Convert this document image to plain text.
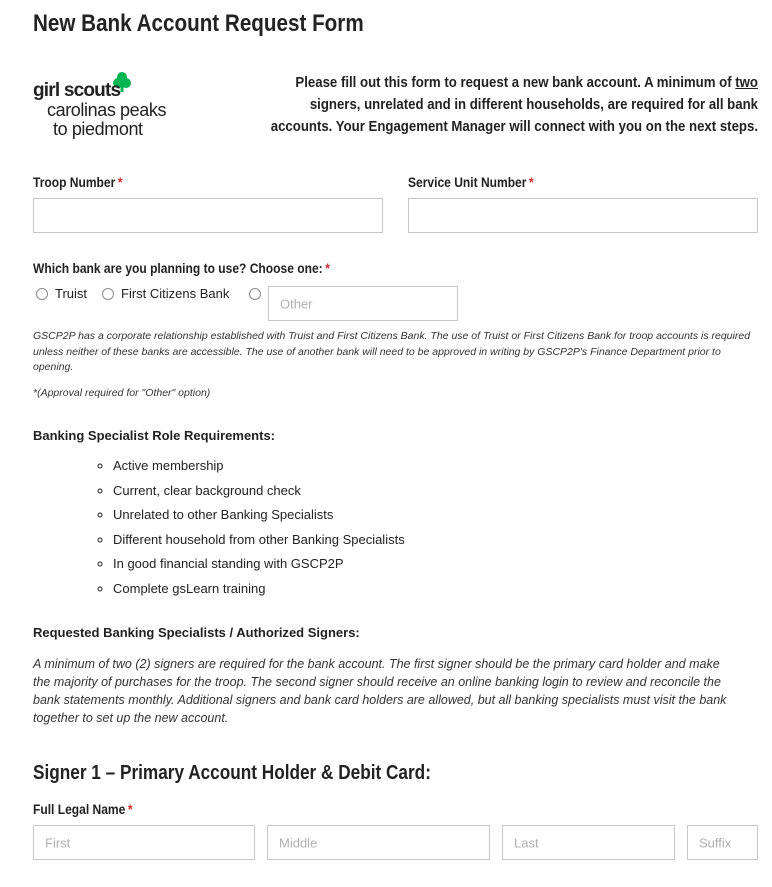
New Bank Account Request Form
girl scouts
carolinas peaks
to piedmont
Please fill out this form to request a new bank account. A minimum of two signers, unrelated and in different households, are required for all bank accounts. Your Engagement Manager will connect with you on the next steps.
Troop Number *	Service Unit Number *
Which bank are you planning to use? Choose one: *
Truist	First Citizens Bank
Other
GSCP2P has a corporate relationship established with Truist and First Citizens Bank. The use of Truist or First Citizens Bank for troop accounts is required unless neither of these banks are accessible. The use of another bank will need to be approved in writing by GSCP2P's Finance Department prior to opening.
*(Approval required for "Other" option)
Banking Specialist Role Requirements:
◦ Active membership
◦ Current, clear background check
◦ Unrelated to other Banking Specialists
◦ Different household from other Banking Specialists
◦ In good financial standing with GSCP2P
◦ Complete gsLearn training
Requested Banking Specialists / Authorized Signers:
A minimum of two (2) signers are required for the bank account. The first signer should be the primary card holder and make the majority of purchases for the troop. The second signer should receive an online banking login to review and reconcile the bank statements monthly. Additional signers and bank card holders are allowed, but all banking specialists must visit the bank together to set up the new account.
Signer 1 – Primary Account Holder & Debit Card:
Full Legal Name *
First	Middle	Last	Suffix
